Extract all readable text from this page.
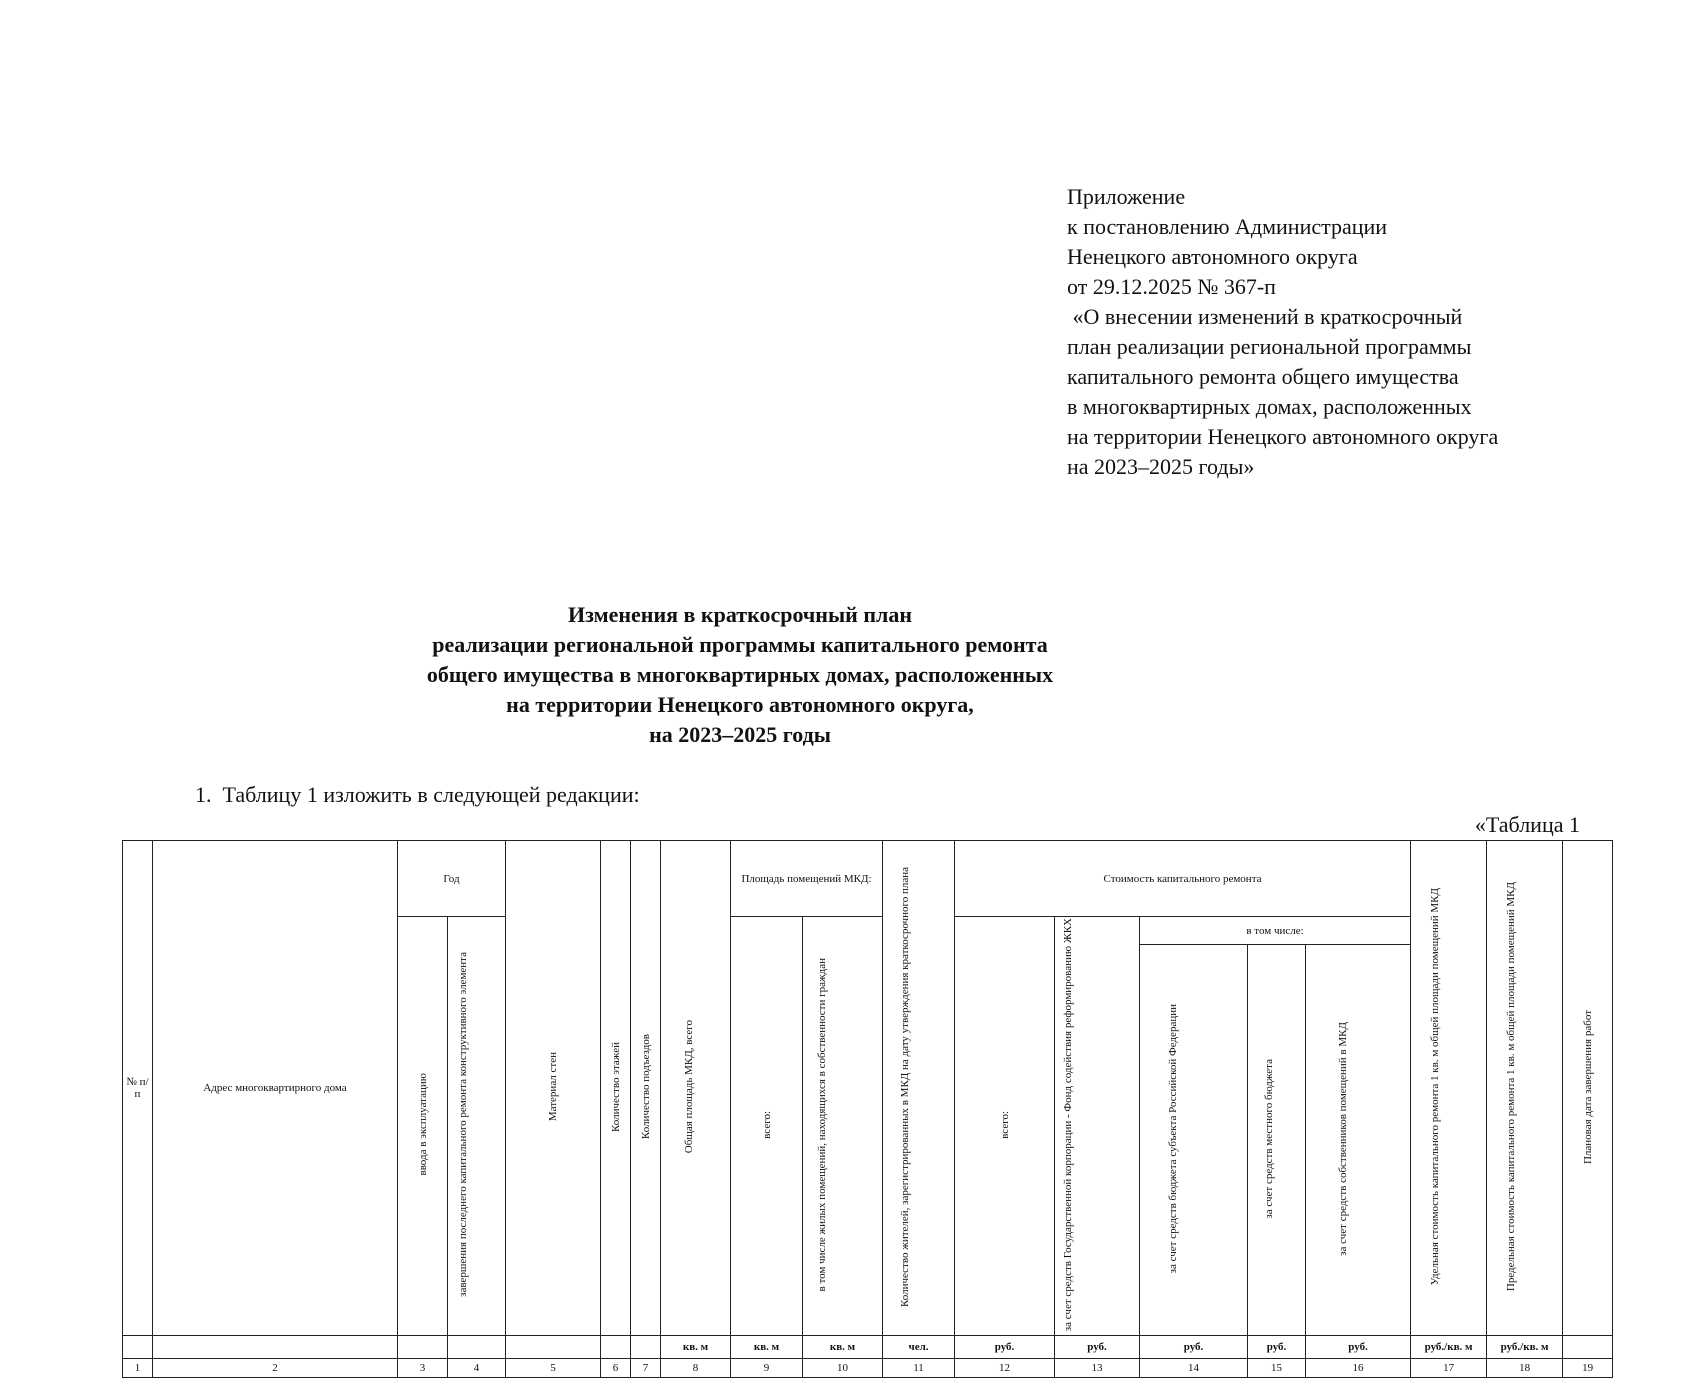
Приложение
к постановлению Администрации
Ненецкого автономного округа
от 29.12.2025 № 367-п
«О внесении изменений в краткосрочный
план реализации региональной программы
капитального ремонта общего имущества
в многоквартирных домах, расположенных
на территории Ненецкого автономного округа
на 2023–2025 годы»
Изменения в краткосрочный план
реализации региональной программы капитального ремонта
общего имущества в многоквартирных домах, расположенных
на территории Ненецкого автономного округа,
на 2023–2025 годы
1.  Таблицу 1 изложить в следующей редакции:
«Таблица 1
№ п/п	Адрес многоквартирного дома	Год		Материал стен	Количество этажей	Количество подъездов	Общая площадь МКД, всего	Площадь помещений МКД:		Количество жителей, зарегистрированных в МКД на дату утверждения краткосрочного плана	Стоимость капитального ремонта					Удельная стоимость капитального ремонта 1 кв. м общей площади помещений МКД	Предельная стоимость капитального ремонта 1 кв. м общей площади помещений МКД	Плановая дата завершения работ
		ввода в эксплуатацию	завершения последнего капитального ремонта конструктивного элемента					всего:	в том числе жилых помещений, находящихся в собственности граждан		всего:	за счет средств Государственной корпорации - Фонд содействия реформированию ЖКХ	в том числе:					
													за счет средств бюджета субъекта Российской Федерации	за счет средств местного бюджета	за счет средств собственников помещений в МКД			
							кв. м	кв. м	кв. м	чел.	руб.	руб.	руб.	руб.	руб.	руб./кв. м	руб./кв. м	
1	2	3	4	5	6	7	8	9	10	11	12	13	14	15	16	17	18	19
